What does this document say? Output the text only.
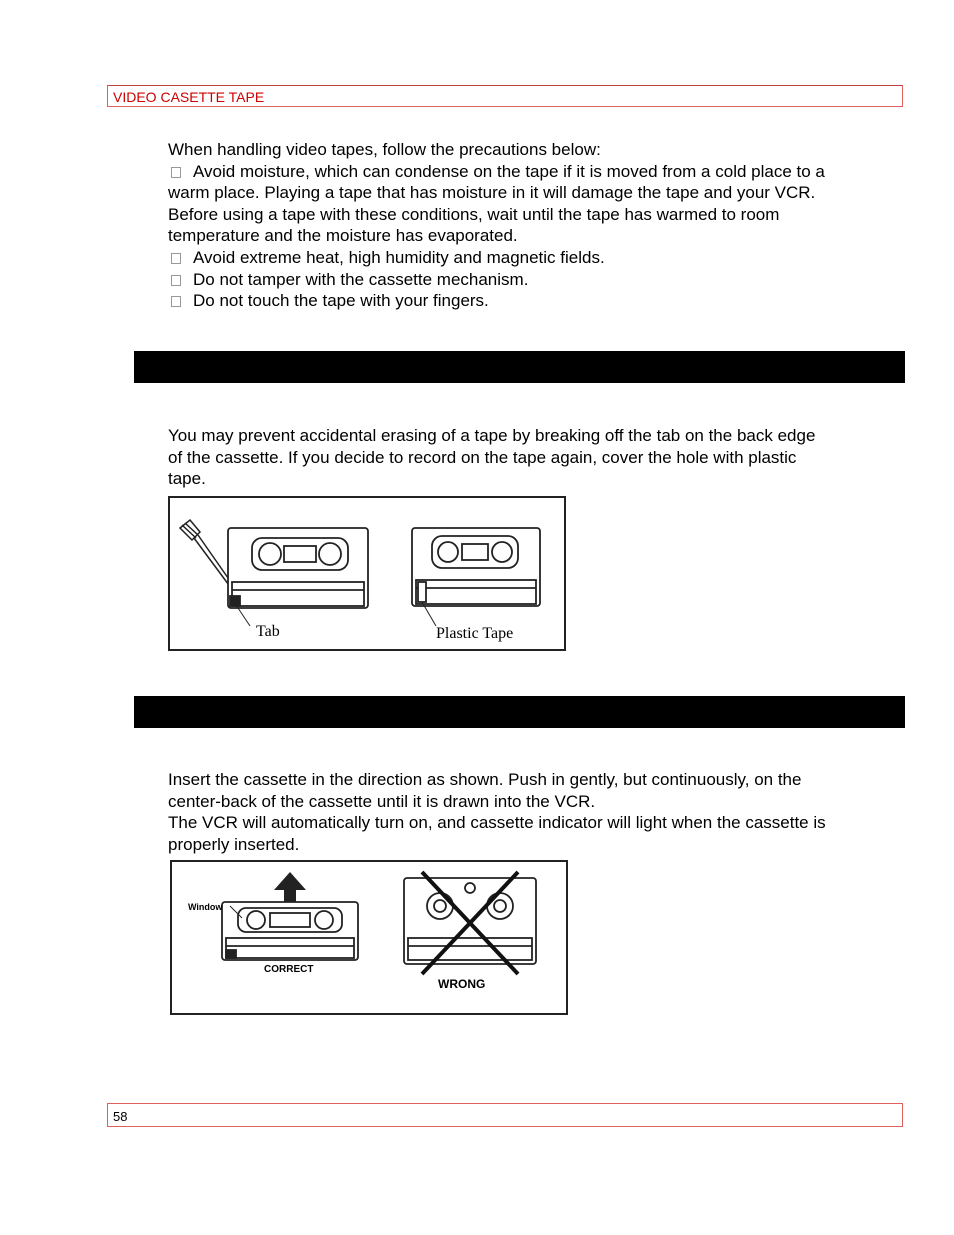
VIDEO CASETTE TAPE
When handling video tapes, follow the precautions below:
Avoid moisture, which can condense on the tape if it is moved from a cold place to a
warm place. Playing a tape that has moisture in it will damage the tape and your VCR.
Before using a tape with these conditions, wait until the tape has warmed to room
temperature and the moisture has evaporated.
Avoid extreme heat, high humidity and magnetic fields.
Do not tamper with the cassette mechanism.
Do not touch the tape with your fingers.
You may prevent accidental erasing of a tape by breaking off the tab on the back edge
of the cassette. If you decide to record on the tape again, cover the hole with plastic
tape.
Tab	Plastic Tape
Insert the cassette in the direction as shown. Push in gently, but continuously, on the
center-back of the cassette until it is drawn into the VCR.
The VCR will automatically turn on, and cassette indicator will light when the cassette is
properly inserted.
Window
CORRECT
WRONG
58
